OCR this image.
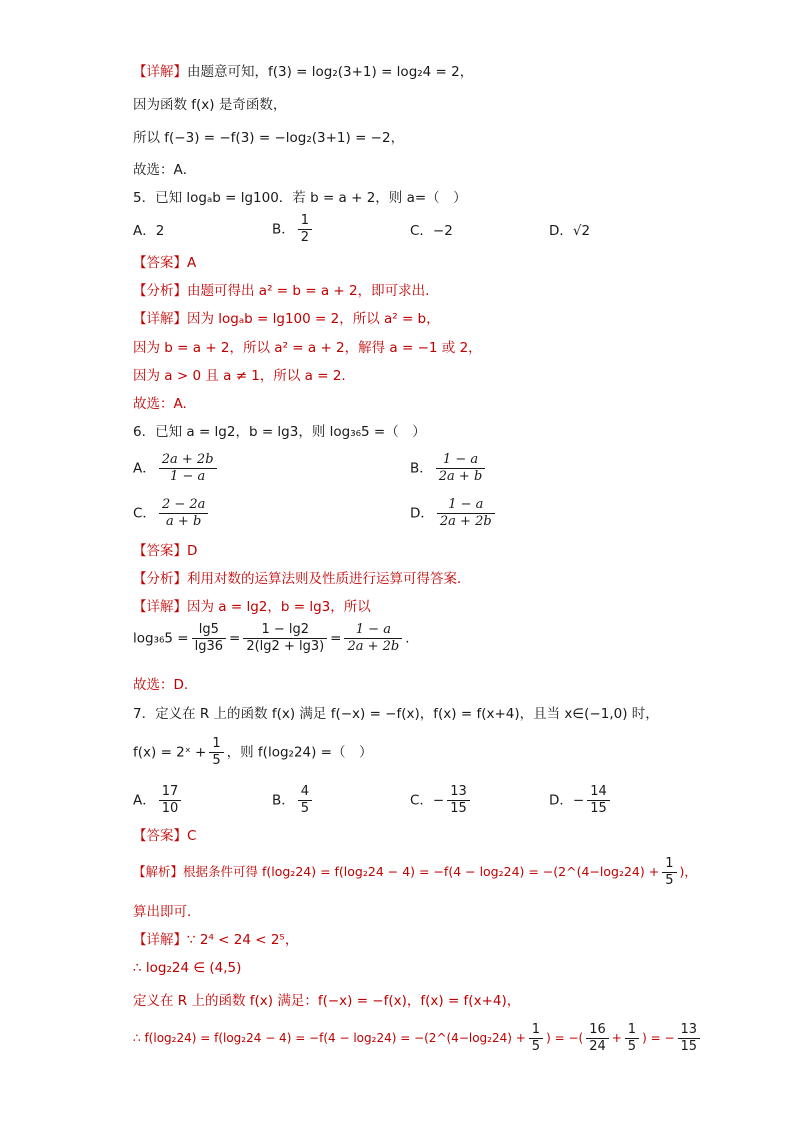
【详解】由题意可知，f(3) = log₂(3+1) = log₂4 = 2，
因为函数 f(x) 是奇函数，
所以 f(−3) = −f(3) = −log₂(3+1) = −2，
故选：A．
5．已知 logₐb = lg100．若 b = a + 2，则 a=（　）
A．2	B． $\frac{1}{2}$	C．−2	D．√2
【答案】A
【分析】由题可得出 a² = b = a + 2，即可求出.
【详解】因为 logₐb = lg100 = 2，所以 a² = b，
因为 b = a + 2，所以 a² = a + 2，解得 a = −1 或 2，
因为 a > 0 且 a ≠ 1，所以 a = 2.
故选：A.
6．已知 a = lg2，b = lg3，则 log₃₆5 =（　）
A． $\frac{2a + 2b}{1 - a}$	B． $\frac{1 - a}{2a + b}$
C． $\frac{2 - 2a}{a + b}$	D． $\frac{1 - a}{2a + 2b}$
【答案】D
【分析】利用对数的运算法则及性质进行运算可得答案．
【详解】因为 a = lg2，b = lg3，所以
$\log_{36}5 = \frac{\lg 5}{\lg 36} = \frac{1 - \lg 2}{2(\lg 2 + \lg 3)} = \frac{1 - a}{2a + 2b}$ .
故选：D.
7．定义在 R 上的函数 f(x) 满足 f(−x) = −f(x)，f(x) = f(x+4)，且当 x∈(−1,0) 时，
f(x) = 2ˣ + $\frac{1}{5}$ ，则 f(log₂24) =（　）
A． $\frac{17}{10}$	B． $\frac{4}{5}$	C．− $\frac{13}{15}$	D．− $\frac{14}{15}$
【答案】C
【解析】根据条件可得 f(log₂24) = f(log₂24 − 4) = −f(4 − log₂24) = −(2^(4−log₂24) + $\frac{1}{5}$ )，
算出即可.
【详解】∵ 2⁴ < 24 < 2⁵，
∴ log₂24 ∈ (4,5)
定义在 R 上的函数 f(x) 满足：f(−x) = −f(x)，f(x) = f(x+4)，
∴ f(log₂24) = f(log₂24 − 4) = −f(4 − log₂24) = −(2^(4−log₂24) + $\frac{1}{5}$ ) = −( $\frac{16}{24} + \frac{1}{5}$ ) = − $\frac{13}{15}$
